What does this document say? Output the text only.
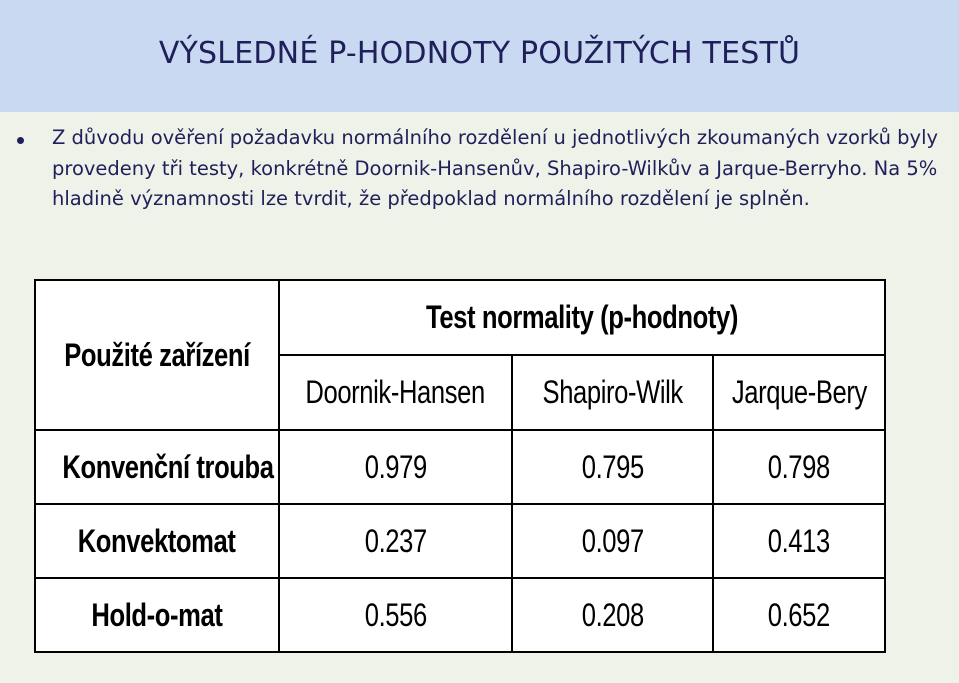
VÝSLEDNÉ P-HODNOTY POUŽITÝCH TESTŮ
Z důvodu ověření požadavku normálního rozdělení u jednotlivých zkoumaných vzorků byly provedeny tři testy, konkrétně Doornik-Hansenův, Shapiro-Wilkův a Jarque-Berryho. Na 5% hladině významnosti lze tvrdit, že předpoklad normálního rozdělení je splněn.
Použité zařízení	Test normality (p-hodnoty)		
	Doornik-Hansen	Shapiro-Wilk	Jarque-Bery
Konvenční trouba	0.979	0.795	0.798
Konvektomat	0.237	0.097	0.413
Hold-o-mat	0.556	0.208	0.652
